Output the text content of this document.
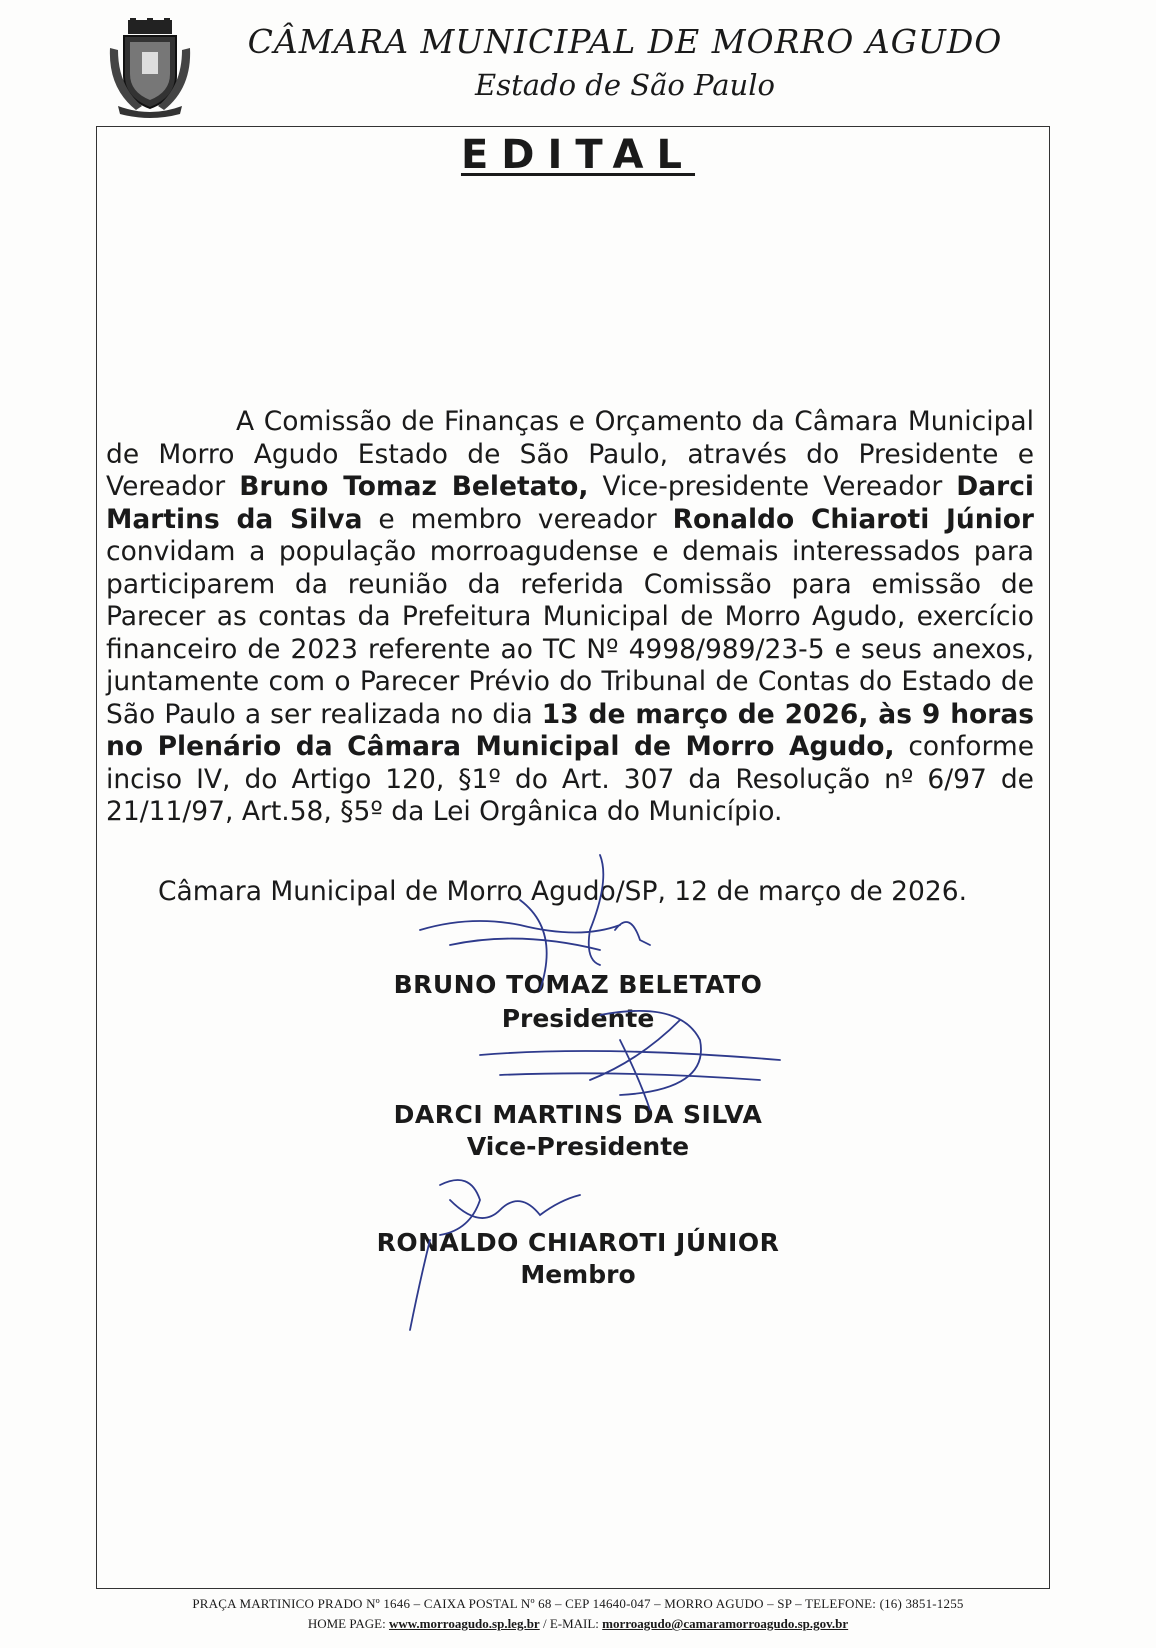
CÂMARA MUNICIPAL DE MORRO AGUDO
Estado de São Paulo
EDITAL
A Comissão de Finanças e Orçamento da Câmara Municipal de Morro Agudo Estado de São Paulo, através do Presidente e Vereador Bruno Tomaz Beletato, Vice-presidente Vereador Darci Martins da Silva e membro vereador Ronaldo Chiaroti Júnior convidam a população morroagudense e demais interessados para participarem da reunião da referida Comissão para emissão de Parecer as contas da Prefeitura Municipal de Morro Agudo, exercício financeiro de 2023 referente ao TC Nº 4998/989/23-5 e seus anexos, juntamente com o Parecer Prévio do Tribunal de Contas do Estado de São Paulo a ser realizada no dia 13 de março de 2026, às 9 horas no Plenário da Câmara Municipal de Morro Agudo, conforme inciso IV, do Artigo 120, §1º do Art. 307 da Resolução nº 6/97 de 21/11/97, Art.58, §5º da Lei Orgânica do Município.
Câmara Municipal de Morro Agudo/SP, 12 de março de 2026.
BRUNO TOMAZ BELETATO
Presidente
DARCI MARTINS DA SILVA
Vice-Presidente
RONALDO CHIAROTI JÚNIOR
Membro
PRAÇA MARTINICO PRADO Nº 1646 – CAIXA POSTAL Nº 68 – CEP 14640-047 – MORRO AGUDO – SP – TELEFONE: (16) 3851-1255
HOME PAGE: www.morroagudo.sp.leg.br / E-MAIL: morroagudo@camaramorroagudo.sp.gov.br
